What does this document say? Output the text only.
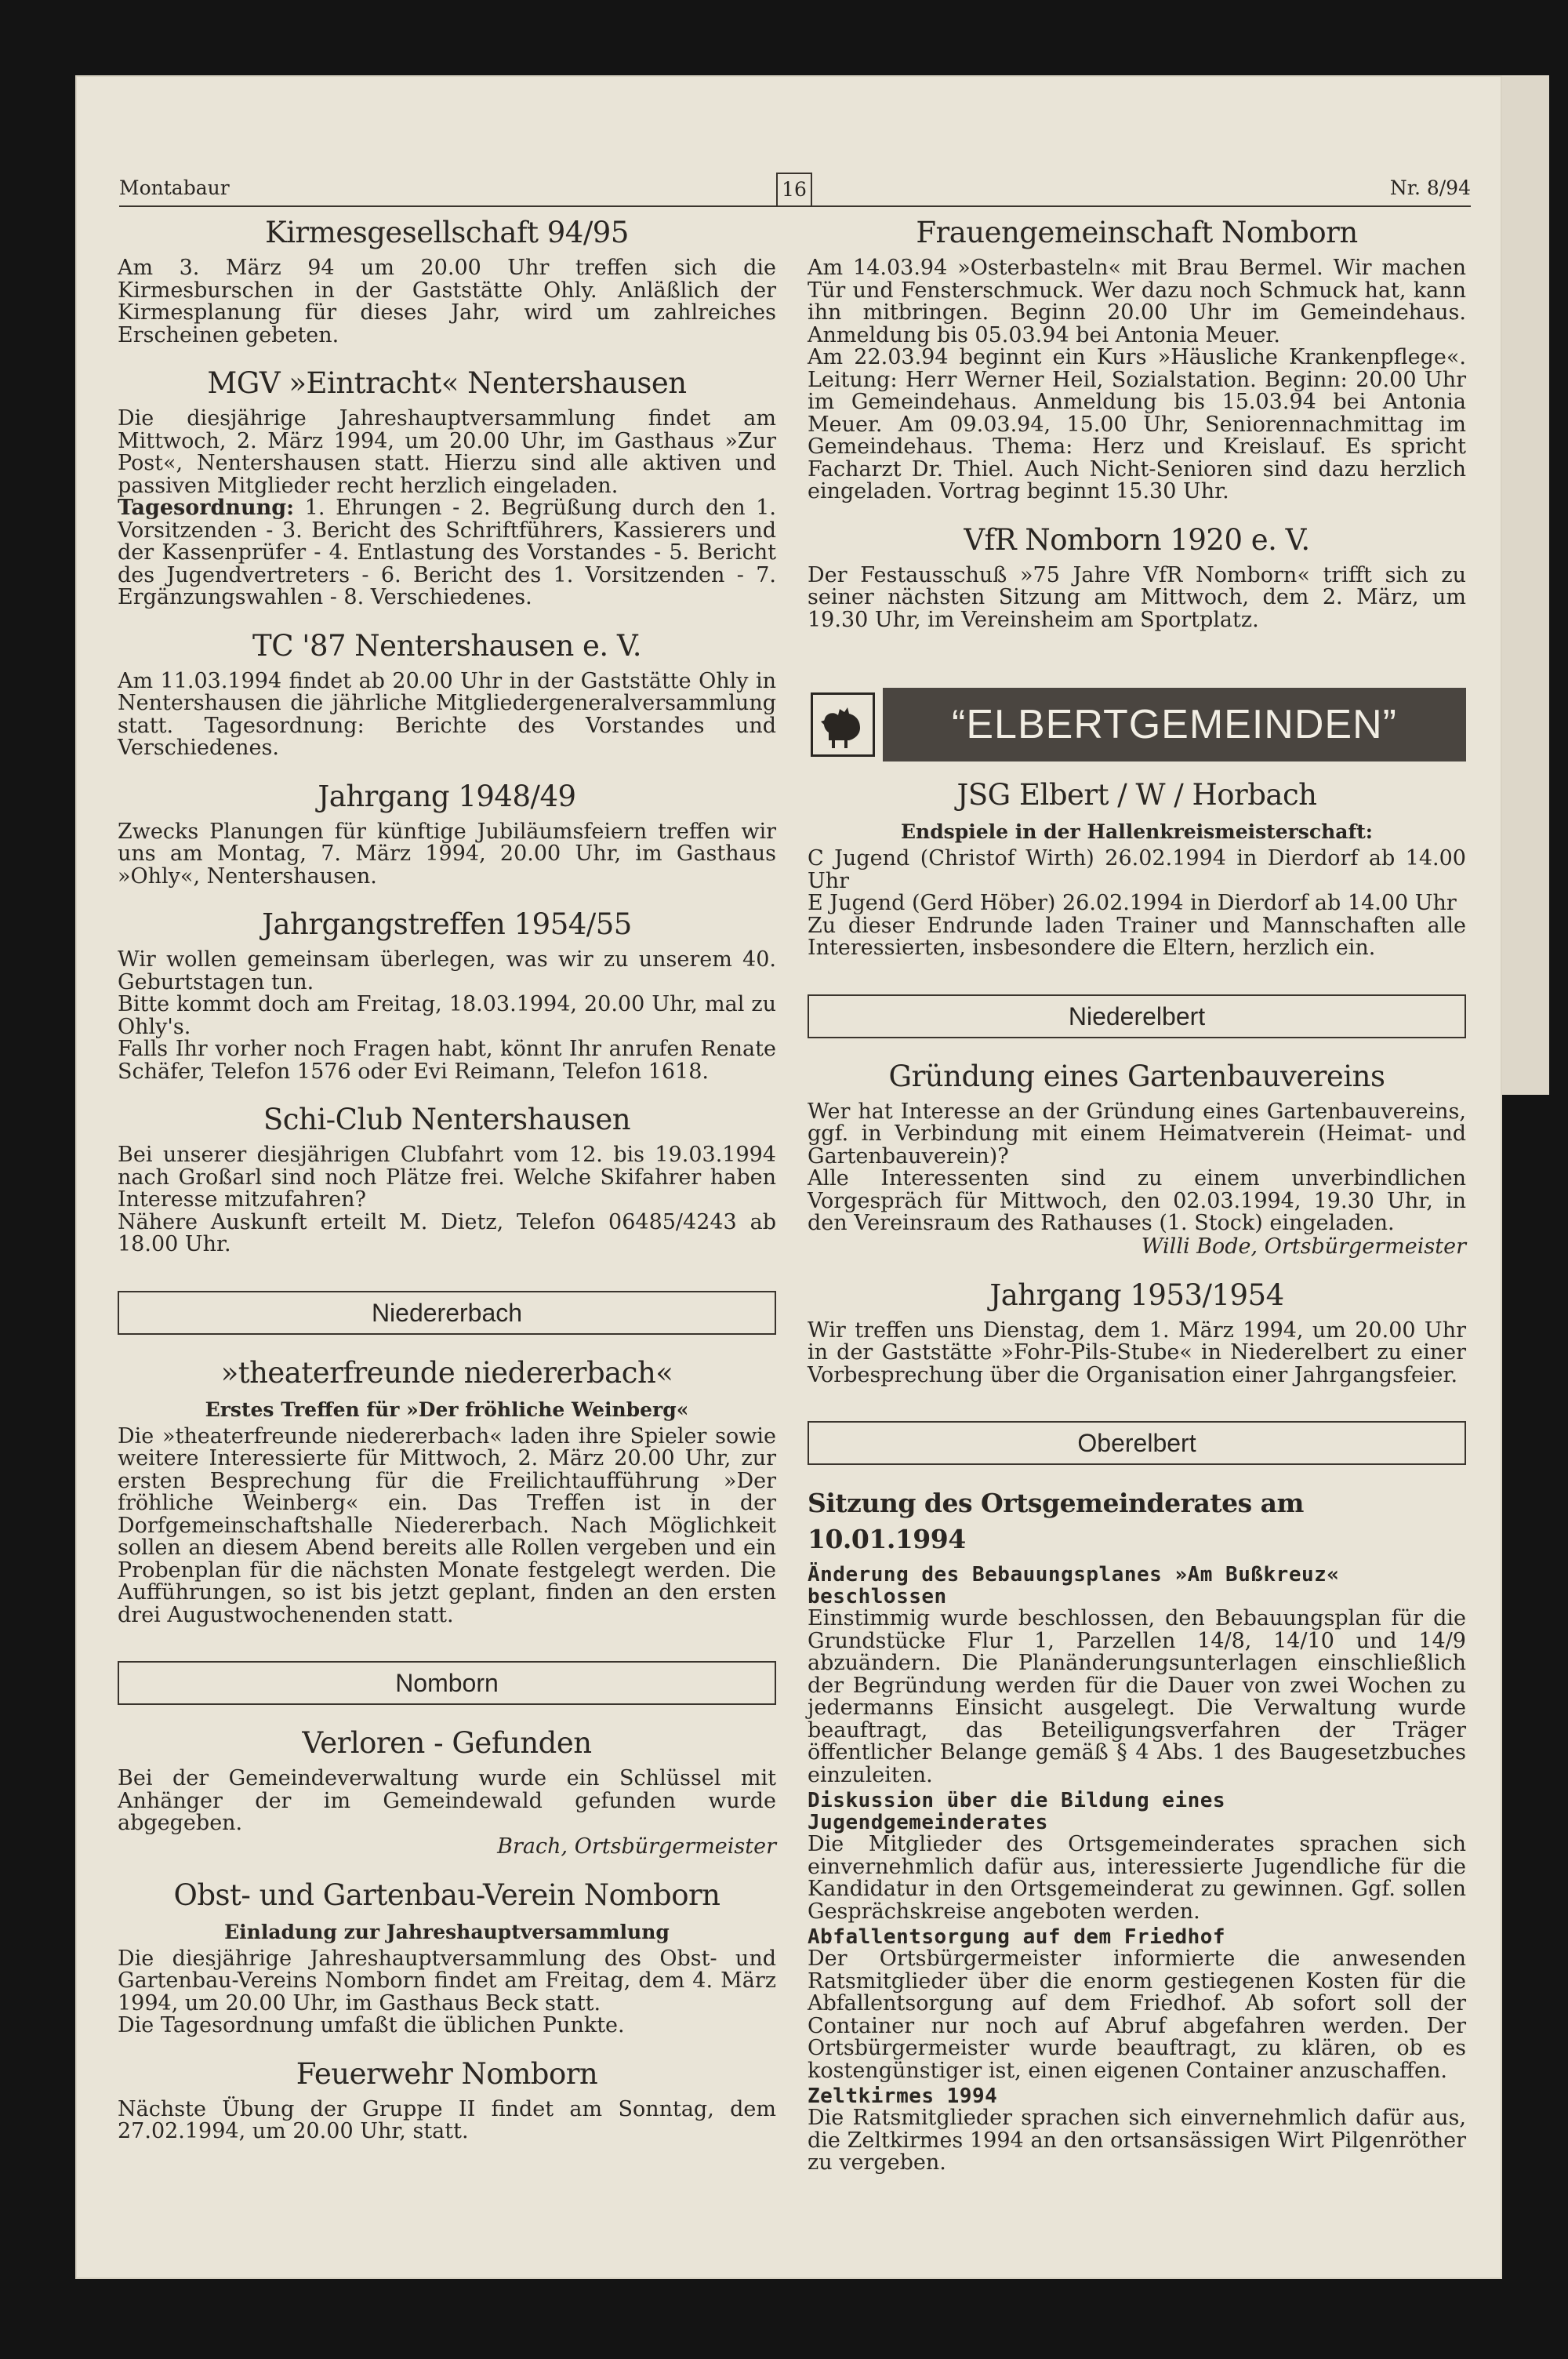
Montabaur	16	Nr. 8/94
Kirmesgesellschaft 94/95
Am 3. März 94 um 20.00 Uhr treffen sich die Kirmesburschen in der Gaststätte Ohly. Anläßlich der Kirmesplanung für dieses Jahr, wird um zahlreiches Erscheinen gebeten.
MGV »Eintracht« Nentershausen
Die diesjährige Jahreshauptversammlung findet am Mittwoch, 2. März 1994, um 20.00 Uhr, im Gasthaus »Zur Post«, Nentershausen statt. Hierzu sind alle aktiven und passiven Mitglieder recht herzlich eingeladen.
Tagesordnung: 1. Ehrungen - 2. Begrüßung durch den 1. Vorsitzenden - 3. Bericht des Schriftführers, Kassierers und der Kassenprüfer - 4. Entlastung des Vorstandes - 5. Bericht des Jugendvertreters - 6. Bericht des 1. Vorsitzenden - 7. Ergänzungswahlen - 8. Verschiedenes.
TC '87 Nentershausen e. V.
Am 11.03.1994 findet ab 20.00 Uhr in der Gaststätte Ohly in Nentershausen die jährliche Mitgliedergeneralversammlung statt. Tagesordnung: Berichte des Vorstandes und Verschiedenes.
Jahrgang 1948/49
Zwecks Planungen für künftige Jubiläumsfeiern treffen wir uns am Montag, 7. März 1994, 20.00 Uhr, im Gasthaus »Ohly«, Nentershausen.
Jahrgangstreffen 1954/55
Wir wollen gemeinsam überlegen, was wir zu unserem 40. Geburtstagen tun.
Bitte kommt doch am Freitag, 18.03.1994, 20.00 Uhr, mal zu Ohly's.
Falls Ihr vorher noch Fragen habt, könnt Ihr anrufen Renate Schäfer, Telefon 1576 oder Evi Reimann, Telefon 1618.
Schi-Club Nentershausen
Bei unserer diesjährigen Clubfahrt vom 12. bis 19.03.1994 nach Großarl sind noch Plätze frei. Welche Skifahrer haben Interesse mitzufahren?
Nähere Auskunft erteilt M. Dietz, Telefon 06485/4243 ab 18.00 Uhr.
Niedererbach
»theaterfreunde niedererbach«
Erstes Treffen für »Der fröhliche Weinberg«
Die »theaterfreunde niedererbach« laden ihre Spieler sowie weitere Interessierte für Mittwoch, 2. März 20.00 Uhr, zur ersten Besprechung für die Freilichtaufführung »Der fröhliche Weinberg« ein. Das Treffen ist in der Dorfgemeinschaftshalle Niedererbach. Nach Möglichkeit sollen an diesem Abend bereits alle Rollen vergeben und ein Probenplan für die nächsten Monate festgelegt werden. Die Aufführungen, so ist bis jetzt geplant, finden an den ersten drei Augustwochenenden statt.
Nomborn
Verloren - Gefunden
Bei der Gemeindeverwaltung wurde ein Schlüssel mit Anhänger der im Gemeindewald gefunden wurde abgegeben.
Brach, Ortsbürgermeister
Obst- und Gartenbau-Verein Nomborn
Einladung zur Jahreshauptversammlung
Die diesjährige Jahreshauptversammlung des Obst- und Gartenbau-Vereins Nomborn findet am Freitag, dem 4. März 1994, um 20.00 Uhr, im Gasthaus Beck statt.
Die Tagesordnung umfaßt die üblichen Punkte.
Feuerwehr Nomborn
Nächste Übung der Gruppe II findet am Sonntag, dem 27.02.1994, um 20.00 Uhr, statt.
Frauengemeinschaft Nomborn
Am 14.03.94 »Osterbasteln« mit Brau Bermel. Wir machen Tür und Fensterschmuck. Wer dazu noch Schmuck hat, kann ihn mitbringen. Beginn 20.00 Uhr im Gemeindehaus. Anmeldung bis 05.03.94 bei Antonia Meuer.
Am 22.03.94 beginnt ein Kurs »Häusliche Krankenpflege«. Leitung: Herr Werner Heil, Sozialstation. Beginn: 20.00 Uhr im Gemeindehaus. Anmeldung bis 15.03.94 bei Antonia Meuer. Am 09.03.94, 15.00 Uhr, Seniorennachmittag im Gemeindehaus. Thema: Herz und Kreislauf. Es spricht Facharzt Dr. Thiel. Auch Nicht-Senioren sind dazu herzlich eingeladen. Vortrag beginnt 15.30 Uhr.
VfR Nomborn 1920 e. V.
Der Festausschuß »75 Jahre VfR Nomborn« trifft sich zu seiner nächsten Sitzung am Mittwoch, dem 2. März, um 19.30 Uhr, im Vereinsheim am Sportplatz.
“ELBERTGEMEINDEN”
JSG Elbert / W / Horbach
Endspiele in der Hallenkreismeisterschaft:
C Jugend (Christof Wirth) 26.02.1994 in Dierdorf ab 14.00 Uhr
E Jugend (Gerd Höber) 26.02.1994 in Dierdorf ab 14.00 Uhr
Zu dieser Endrunde laden Trainer und Mannschaften alle Interessierten, insbesondere die Eltern, herzlich ein.
Niederelbert
Gründung eines Gartenbauvereins
Wer hat Interesse an der Gründung eines Gartenbauvereins, ggf. in Verbindung mit einem Heimatverein (Heimat- und Gartenbauverein)?
Alle Interessenten sind zu einem unverbindlichen Vorgespräch für Mittwoch, den 02.03.1994, 19.30 Uhr, in den Vereinsraum des Rathauses (1. Stock) eingeladen.
Willi Bode, Ortsbürgermeister
Jahrgang 1953/1954
Wir treffen uns Dienstag, dem 1. März 1994, um 20.00 Uhr in der Gaststätte »Fohr-Pils-Stube« in Niederelbert zu einer Vorbesprechung über die Organisation einer Jahrgangsfeier.
Oberelbert
Sitzung des Ortsgemeinderates am 10.01.1994
Änderung des Bebauungsplanes »Am Bußkreuz« beschlossen
Einstimmig wurde beschlossen, den Bebauungsplan für die Grundstücke Flur 1, Parzellen 14/8, 14/10 und 14/9 abzuändern. Die Planänderungsunterlagen einschließlich der Begründung werden für die Dauer von zwei Wochen zu jedermanns Einsicht ausgelegt. Die Verwaltung wurde beauftragt, das Beteiligungsverfahren der Träger öffentlicher Belange gemäß § 4 Abs. 1 des Baugesetzbuches einzuleiten.
Diskussion über die Bildung eines Jugendgemeinderates
Die Mitglieder des Ortsgemeinderates sprachen sich einvernehmlich dafür aus, interessierte Jugendliche für die Kandidatur in den Ortsgemeinderat zu gewinnen. Ggf. sollen Gesprächskreise angeboten werden.
Abfallentsorgung auf dem Friedhof
Der Ortsbürgermeister informierte die anwesenden Ratsmitglieder über die enorm gestiegenen Kosten für die Abfallentsorgung auf dem Friedhof. Ab sofort soll der Container nur noch auf Abruf abgefahren werden. Der Ortsbürgermeister wurde beauftragt, zu klären, ob es kostengünstiger ist, einen eigenen Container anzuschaffen.
Zeltkirmes 1994
Die Ratsmitglieder sprachen sich einvernehmlich dafür aus, die Zeltkirmes 1994 an den ortsansässigen Wirt Pilgenröther zu vergeben.
